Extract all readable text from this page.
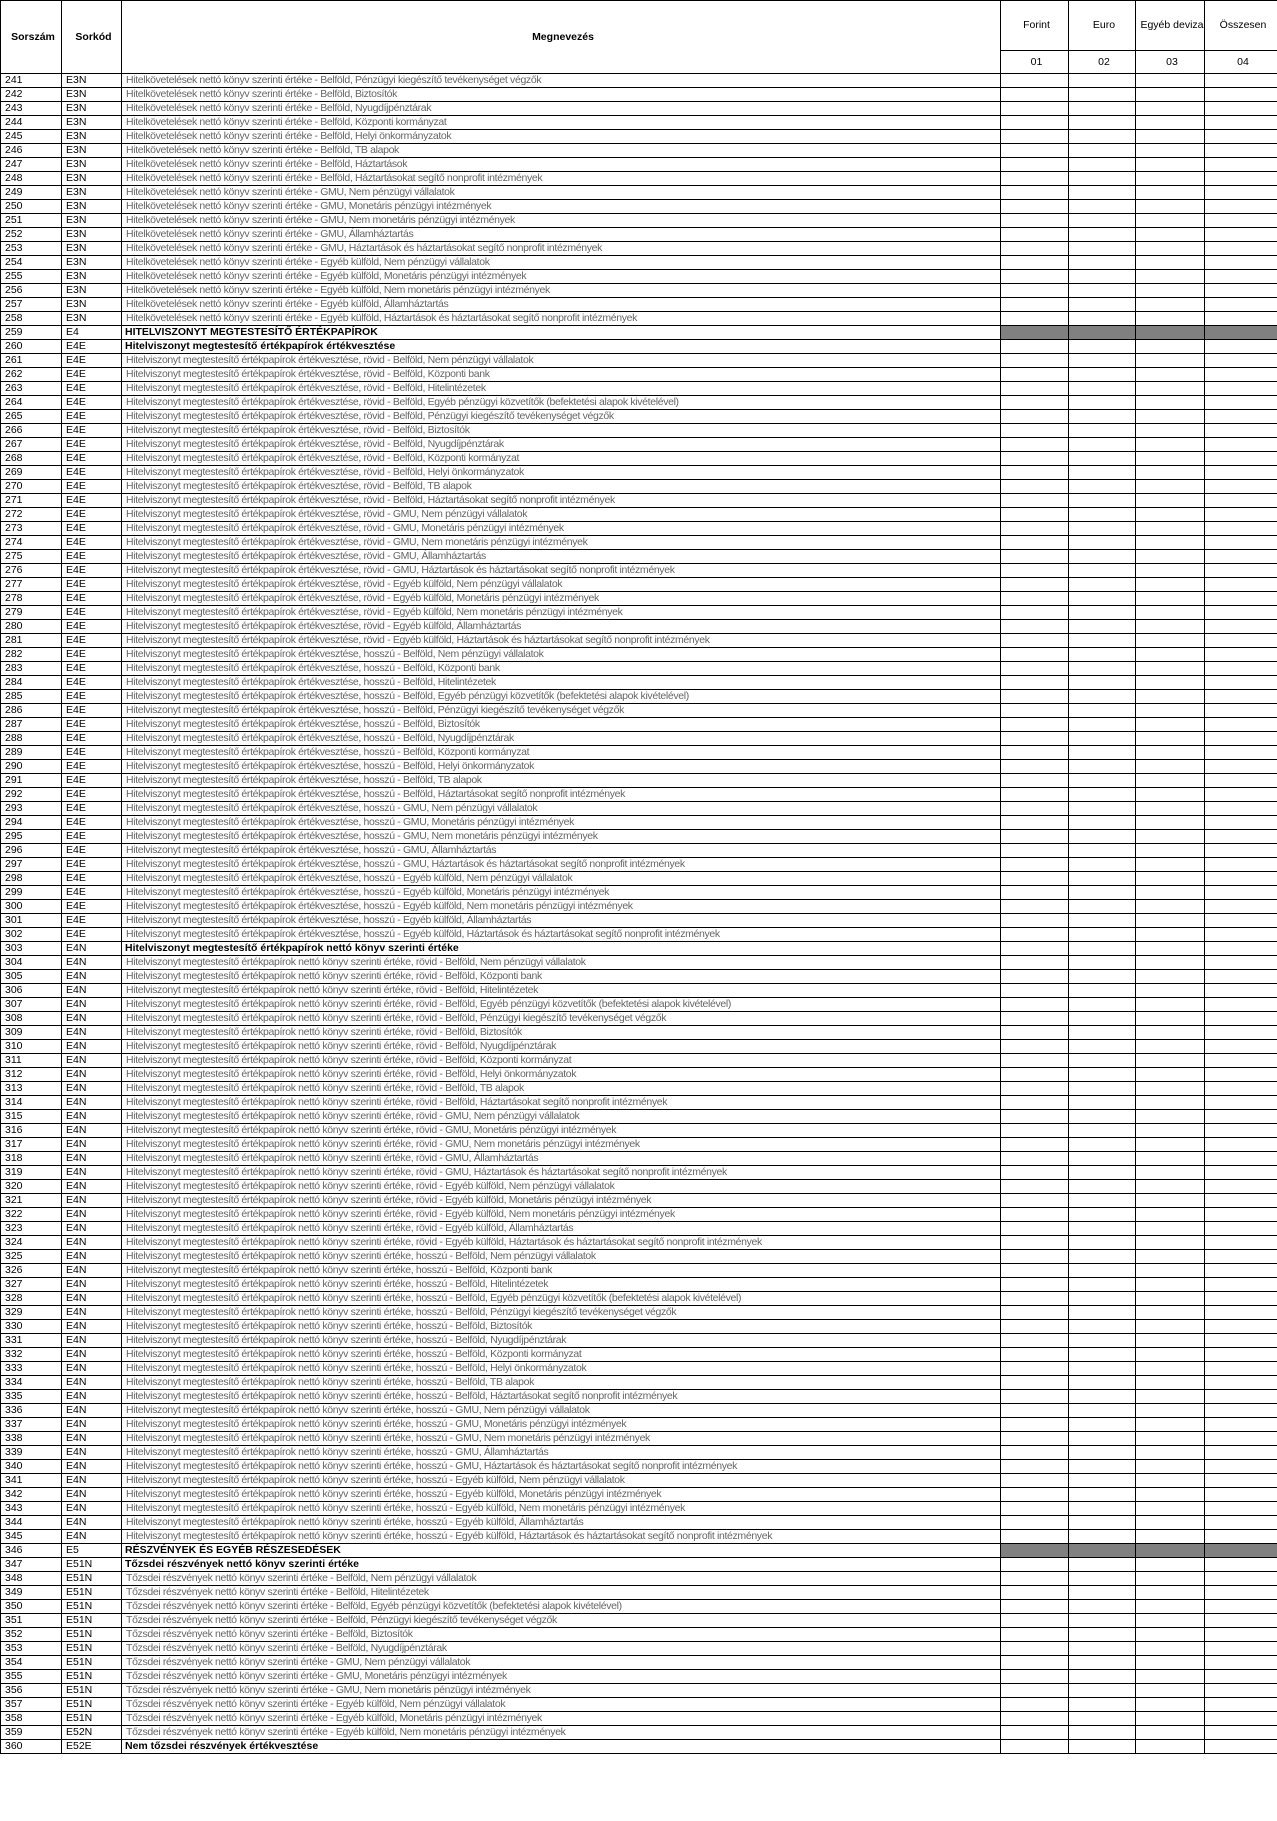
Sorszám	Sorkód	Megnevezés	Forint	Euro	Egyéb deviza	Összesen
			01	02	03	04
241	E3N	Hitelkövetelések nettó könyv szerinti értéke - Belföld, Pénzügyi kiegészítő tevékenységet végzők				
242	E3N	Hitelkövetelések nettó könyv szerinti értéke - Belföld, Biztosítók				
243	E3N	Hitelkövetelések nettó könyv szerinti értéke - Belföld, Nyugdíjpénztárak				
244	E3N	Hitelkövetelések nettó könyv szerinti értéke - Belföld, Központi kormányzat				
245	E3N	Hitelkövetelések nettó könyv szerinti értéke - Belföld, Helyi önkormányzatok				
246	E3N	Hitelkövetelések nettó könyv szerinti értéke - Belföld, TB alapok				
247	E3N	Hitelkövetelések nettó könyv szerinti értéke - Belföld, Háztartások				
248	E3N	Hitelkövetelések nettó könyv szerinti értéke - Belföld, Háztartásokat segítő nonprofit intézmények				
249	E3N	Hitelkövetelések nettó könyv szerinti értéke - GMU, Nem pénzügyi vállalatok				
250	E3N	Hitelkövetelések nettó könyv szerinti értéke - GMU, Monetáris pénzügyi intézmények				
251	E3N	Hitelkövetelések nettó könyv szerinti értéke - GMU, Nem monetáris pénzügyi intézmények				
252	E3N	Hitelkövetelések nettó könyv szerinti értéke - GMU, Államháztartás				
253	E3N	Hitelkövetelések nettó könyv szerinti értéke - GMU, Háztartások és háztartásokat segítő nonprofit intézmények				
254	E3N	Hitelkövetelések nettó könyv szerinti értéke - Egyéb külföld, Nem pénzügyi vállalatok				
255	E3N	Hitelkövetelések nettó könyv szerinti értéke - Egyéb külföld, Monetáris pénzügyi intézmények				
256	E3N	Hitelkövetelések nettó könyv szerinti értéke - Egyéb külföld, Nem monetáris pénzügyi intézmények				
257	E3N	Hitelkövetelések nettó könyv szerinti értéke - Egyéb külföld, Államháztartás				
258	E3N	Hitelkövetelések nettó könyv szerinti értéke - Egyéb külföld, Háztartások és háztartásokat segítő nonprofit intézmények				
259	E4	HITELVISZONYT MEGTESTESÍTŐ ÉRTÉKPAPÍROK				
260	E4E	Hitelviszonyt megtestesítő értékpapírok értékvesztése				
261	E4E	Hitelviszonyt megtestesítő értékpapírok értékvesztése, rövid - Belföld, Nem pénzügyi vállalatok				
262	E4E	Hitelviszonyt megtestesítő értékpapírok értékvesztése, rövid - Belföld, Központi bank				
263	E4E	Hitelviszonyt megtestesítő értékpapírok értékvesztése, rövid - Belföld, Hitelintézetek				
264	E4E	Hitelviszonyt megtestesítő értékpapírok értékvesztése, rövid - Belföld, Egyéb pénzügyi közvetítők (befektetési alapok kivételével)				
265	E4E	Hitelviszonyt megtestesítő értékpapírok értékvesztése, rövid - Belföld, Pénzügyi kiegészítő tevékenységet végzők				
266	E4E	Hitelviszonyt megtestesítő értékpapírok értékvesztése, rövid - Belföld, Biztosítók				
267	E4E	Hitelviszonyt megtestesítő értékpapírok értékvesztése, rövid - Belföld, Nyugdíjpénztárak				
268	E4E	Hitelviszonyt megtestesítő értékpapírok értékvesztése, rövid - Belföld, Központi kormányzat				
269	E4E	Hitelviszonyt megtestesítő értékpapírok értékvesztése, rövid - Belföld, Helyi önkormányzatok				
270	E4E	Hitelviszonyt megtestesítő értékpapírok értékvesztése, rövid - Belföld, TB alapok				
271	E4E	Hitelviszonyt megtestesítő értékpapírok értékvesztése, rövid - Belföld, Háztartásokat segítő nonprofit intézmények				
272	E4E	Hitelviszonyt megtestesítő értékpapírok értékvesztése, rövid - GMU, Nem pénzügyi vállalatok				
273	E4E	Hitelviszonyt megtestesítő értékpapírok értékvesztése, rövid - GMU, Monetáris pénzügyi intézmények				
274	E4E	Hitelviszonyt megtestesítő értékpapírok értékvesztése, rövid - GMU, Nem monetáris pénzügyi intézmények				
275	E4E	Hitelviszonyt megtestesítő értékpapírok értékvesztése, rövid - GMU, Államháztartás				
276	E4E	Hitelviszonyt megtestesítő értékpapírok értékvesztése, rövid - GMU, Háztartások és háztartásokat segítő nonprofit intézmények				
277	E4E	Hitelviszonyt megtestesítő értékpapírok értékvesztése, rövid - Egyéb külföld, Nem pénzügyi vállalatok				
278	E4E	Hitelviszonyt megtestesítő értékpapírok értékvesztése, rövid - Egyéb külföld, Monetáris pénzügyi intézmények				
279	E4E	Hitelviszonyt megtestesítő értékpapírok értékvesztése, rövid - Egyéb külföld, Nem monetáris pénzügyi intézmények				
280	E4E	Hitelviszonyt megtestesítő értékpapírok értékvesztése, rövid - Egyéb külföld, Államháztartás				
281	E4E	Hitelviszonyt megtestesítő értékpapírok értékvesztése, rövid - Egyéb külföld, Háztartások és háztartásokat segítő nonprofit intézmények				
282	E4E	Hitelviszonyt megtestesítő értékpapírok értékvesztése, hosszú - Belföld, Nem pénzügyi vállalatok				
283	E4E	Hitelviszonyt megtestesítő értékpapírok értékvesztése, hosszú - Belföld, Központi bank				
284	E4E	Hitelviszonyt megtestesítő értékpapírok értékvesztése, hosszú - Belföld, Hitelintézetek				
285	E4E	Hitelviszonyt megtestesítő értékpapírok értékvesztése, hosszú - Belföld, Egyéb pénzügyi közvetítők (befektetési alapok kivételével)				
286	E4E	Hitelviszonyt megtestesítő értékpapírok értékvesztése, hosszú - Belföld, Pénzügyi kiegészítő tevékenységet végzők				
287	E4E	Hitelviszonyt megtestesítő értékpapírok értékvesztése, hosszú - Belföld, Biztosítók				
288	E4E	Hitelviszonyt megtestesítő értékpapírok értékvesztése, hosszú - Belföld, Nyugdíjpénztárak				
289	E4E	Hitelviszonyt megtestesítő értékpapírok értékvesztése, hosszú - Belföld, Központi kormányzat				
290	E4E	Hitelviszonyt megtestesítő értékpapírok értékvesztése, hosszú - Belföld, Helyi önkormányzatok				
291	E4E	Hitelviszonyt megtestesítő értékpapírok értékvesztése, hosszú - Belföld, TB alapok				
292	E4E	Hitelviszonyt megtestesítő értékpapírok értékvesztése, hosszú - Belföld, Háztartásokat segítő nonprofit intézmények				
293	E4E	Hitelviszonyt megtestesítő értékpapírok értékvesztése, hosszú - GMU, Nem pénzügyi vállalatok				
294	E4E	Hitelviszonyt megtestesítő értékpapírok értékvesztése, hosszú - GMU, Monetáris pénzügyi intézmények				
295	E4E	Hitelviszonyt megtestesítő értékpapírok értékvesztése, hosszú - GMU, Nem monetáris pénzügyi intézmények				
296	E4E	Hitelviszonyt megtestesítő értékpapírok értékvesztése, hosszú - GMU, Államháztartás				
297	E4E	Hitelviszonyt megtestesítő értékpapírok értékvesztése, hosszú - GMU, Háztartások és háztartásokat segítő nonprofit intézmények				
298	E4E	Hitelviszonyt megtestesítő értékpapírok értékvesztése, hosszú - Egyéb külföld, Nem pénzügyi vállalatok				
299	E4E	Hitelviszonyt megtestesítő értékpapírok értékvesztése, hosszú - Egyéb külföld, Monetáris pénzügyi intézmények				
300	E4E	Hitelviszonyt megtestesítő értékpapírok értékvesztése, hosszú - Egyéb külföld, Nem monetáris pénzügyi intézmények				
301	E4E	Hitelviszonyt megtestesítő értékpapírok értékvesztése, hosszú - Egyéb külföld, Államháztartás				
302	E4E	Hitelviszonyt megtestesítő értékpapírok értékvesztése, hosszú - Egyéb külföld, Háztartások és háztartásokat segítő nonprofit intézmények				
303	E4N	Hitelviszonyt megtestesítő értékpapírok nettó könyv szerinti értéke				
304	E4N	Hitelviszonyt megtestesítő értékpapírok nettó könyv szerinti értéke, rövid - Belföld, Nem pénzügyi vállalatok				
305	E4N	Hitelviszonyt megtestesítő értékpapírok nettó könyv szerinti értéke, rövid - Belföld, Központi bank				
306	E4N	Hitelviszonyt megtestesítő értékpapírok nettó könyv szerinti értéke, rövid - Belföld, Hitelintézetek				
307	E4N	Hitelviszonyt megtestesítő értékpapírok nettó könyv szerinti értéke, rövid - Belföld, Egyéb pénzügyi közvetítők (befektetési alapok kivételével)				
308	E4N	Hitelviszonyt megtestesítő értékpapírok nettó könyv szerinti értéke, rövid - Belföld, Pénzügyi kiegészítő tevékenységet végzők				
309	E4N	Hitelviszonyt megtestesítő értékpapírok nettó könyv szerinti értéke, rövid - Belföld, Biztosítók				
310	E4N	Hitelviszonyt megtestesítő értékpapírok nettó könyv szerinti értéke, rövid - Belföld, Nyugdíjpénztárak				
311	E4N	Hitelviszonyt megtestesítő értékpapírok nettó könyv szerinti értéke, rövid - Belföld, Központi kormányzat				
312	E4N	Hitelviszonyt megtestesítő értékpapírok nettó könyv szerinti értéke, rövid - Belföld, Helyi önkormányzatok				
313	E4N	Hitelviszonyt megtestesítő értékpapírok nettó könyv szerinti értéke, rövid - Belföld, TB alapok				
314	E4N	Hitelviszonyt megtestesítő értékpapírok nettó könyv szerinti értéke, rövid - Belföld, Háztartásokat segítő nonprofit intézmények				
315	E4N	Hitelviszonyt megtestesítő értékpapírok nettó könyv szerinti értéke, rövid - GMU, Nem pénzügyi vállalatok				
316	E4N	Hitelviszonyt megtestesítő értékpapírok nettó könyv szerinti értéke, rövid - GMU, Monetáris pénzügyi intézmények				
317	E4N	Hitelviszonyt megtestesítő értékpapírok nettó könyv szerinti értéke, rövid - GMU, Nem monetáris pénzügyi intézmények				
318	E4N	Hitelviszonyt megtestesítő értékpapírok nettó könyv szerinti értéke, rövid - GMU, Államháztartás				
319	E4N	Hitelviszonyt megtestesítő értékpapírok nettó könyv szerinti értéke, rövid - GMU, Háztartások és háztartásokat segítő nonprofit intézmények				
320	E4N	Hitelviszonyt megtestesítő értékpapírok nettó könyv szerinti értéke, rövid - Egyéb külföld, Nem pénzügyi vállalatok				
321	E4N	Hitelviszonyt megtestesítő értékpapírok nettó könyv szerinti értéke, rövid - Egyéb külföld, Monetáris pénzügyi intézmények				
322	E4N	Hitelviszonyt megtestesítő értékpapírok nettó könyv szerinti értéke, rövid - Egyéb külföld, Nem monetáris pénzügyi intézmények				
323	E4N	Hitelviszonyt megtestesítő értékpapírok nettó könyv szerinti értéke, rövid - Egyéb külföld, Államháztartás				
324	E4N	Hitelviszonyt megtestesítő értékpapírok nettó könyv szerinti értéke, rövid - Egyéb külföld, Háztartások és háztartásokat segítő nonprofit intézmények				
325	E4N	Hitelviszonyt megtestesítő értékpapírok nettó könyv szerinti értéke, hosszú - Belföld, Nem pénzügyi vállalatok				
326	E4N	Hitelviszonyt megtestesítő értékpapírok nettó könyv szerinti értéke, hosszú - Belföld, Központi bank				
327	E4N	Hitelviszonyt megtestesítő értékpapírok nettó könyv szerinti értéke, hosszú - Belföld, Hitelintézetek				
328	E4N	Hitelviszonyt megtestesítő értékpapírok nettó könyv szerinti értéke, hosszú - Belföld, Egyéb pénzügyi közvetítők (befektetési alapok kivételével)				
329	E4N	Hitelviszonyt megtestesítő értékpapírok nettó könyv szerinti értéke, hosszú - Belföld, Pénzügyi kiegészítő tevékenységet végzők				
330	E4N	Hitelviszonyt megtestesítő értékpapírok nettó könyv szerinti értéke, hosszú - Belföld, Biztosítók				
331	E4N	Hitelviszonyt megtestesítő értékpapírok nettó könyv szerinti értéke, hosszú - Belföld, Nyugdíjpénztárak				
332	E4N	Hitelviszonyt megtestesítő értékpapírok nettó könyv szerinti értéke, hosszú - Belföld, Központi kormányzat				
333	E4N	Hitelviszonyt megtestesítő értékpapírok nettó könyv szerinti értéke, hosszú - Belföld, Helyi önkormányzatok				
334	E4N	Hitelviszonyt megtestesítő értékpapírok nettó könyv szerinti értéke, hosszú - Belföld, TB alapok				
335	E4N	Hitelviszonyt megtestesítő értékpapírok nettó könyv szerinti értéke, hosszú - Belföld, Háztartásokat segítő nonprofit intézmények				
336	E4N	Hitelviszonyt megtestesítő értékpapírok nettó könyv szerinti értéke, hosszú - GMU, Nem pénzügyi vállalatok				
337	E4N	Hitelviszonyt megtestesítő értékpapírok nettó könyv szerinti értéke, hosszú - GMU, Monetáris pénzügyi intézmények				
338	E4N	Hitelviszonyt megtestesítő értékpapírok nettó könyv szerinti értéke, hosszú - GMU, Nem monetáris pénzügyi intézmények				
339	E4N	Hitelviszonyt megtestesítő értékpapírok nettó könyv szerinti értéke, hosszú - GMU, Államháztartás				
340	E4N	Hitelviszonyt megtestesítő értékpapírok nettó könyv szerinti értéke, hosszú - GMU, Háztartások és háztartásokat segítő nonprofit intézmények				
341	E4N	Hitelviszonyt megtestesítő értékpapírok nettó könyv szerinti értéke, hosszú - Egyéb külföld, Nem pénzügyi vállalatok				
342	E4N	Hitelviszonyt megtestesítő értékpapírok nettó könyv szerinti értéke, hosszú - Egyéb külföld, Monetáris pénzügyi intézmények				
343	E4N	Hitelviszonyt megtestesítő értékpapírok nettó könyv szerinti értéke, hosszú - Egyéb külföld, Nem monetáris pénzügyi intézmények				
344	E4N	Hitelviszonyt megtestesítő értékpapírok nettó könyv szerinti értéke, hosszú - Egyéb külföld, Államháztartás				
345	E4N	Hitelviszonyt megtestesítő értékpapírok nettó könyv szerinti értéke, hosszú - Egyéb külföld, Háztartások és háztartásokat segítő nonprofit intézmények				
346	E5	RÉSZVÉNYEK ÉS EGYÉB RÉSZESEDÉSEK				
347	E51N	Tőzsdei részvények nettó könyv szerinti értéke				
348	E51N	Tőzsdei részvények nettó könyv szerinti értéke - Belföld, Nem pénzügyi vállalatok				
349	E51N	Tőzsdei részvények nettó könyv szerinti értéke - Belföld, Hitelintézetek				
350	E51N	Tőzsdei részvények nettó könyv szerinti értéke - Belföld, Egyéb pénzügyi közvetítők (befektetési alapok kivételével)				
351	E51N	Tőzsdei részvények nettó könyv szerinti értéke - Belföld, Pénzügyi kiegészítő tevékenységet végzők				
352	E51N	Tőzsdei részvények nettó könyv szerinti értéke - Belföld, Biztosítók				
353	E51N	Tőzsdei részvények nettó könyv szerinti értéke - Belföld, Nyugdíjpénztárak				
354	E51N	Tőzsdei részvények nettó könyv szerinti értéke - GMU, Nem pénzügyi vállalatok				
355	E51N	Tőzsdei részvények nettó könyv szerinti értéke - GMU, Monetáris pénzügyi intézmények				
356	E51N	Tőzsdei részvények nettó könyv szerinti értéke - GMU, Nem monetáris pénzügyi intézmények				
357	E51N	Tőzsdei részvények nettó könyv szerinti értéke - Egyéb külföld, Nem pénzügyi vállalatok				
358	E51N	Tőzsdei részvények nettó könyv szerinti értéke - Egyéb külföld, Monetáris pénzügyi intézmények				
359	E52N	Tőzsdei részvények nettó könyv szerinti értéke - Egyéb külföld, Nem monetáris pénzügyi intézmények				
360	E52E	Nem tőzsdei részvények értékvesztése				
